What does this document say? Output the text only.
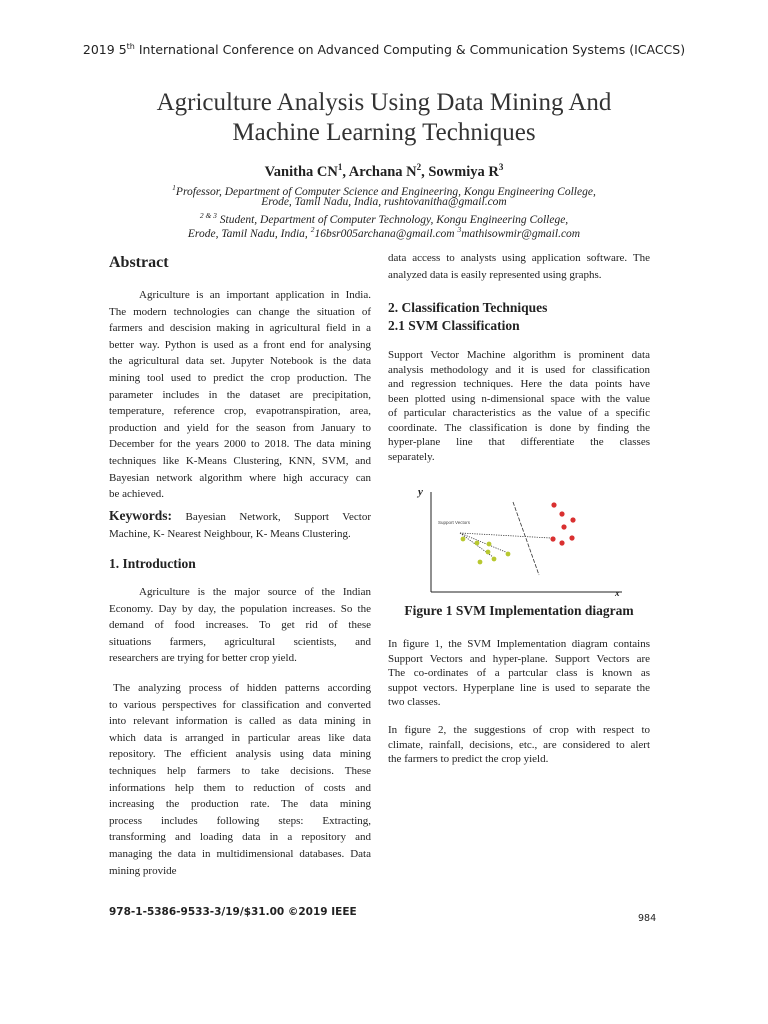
2019 5th International Conference on Advanced Computing & Communication Systems (ICACCS)
Agriculture Analysis Using Data Mining And
Machine Learning Techniques
Vanitha $CN^1$, Archana $N^2$, Sowmiya $R^3$
$^1$Professor, Department of Computer Science and Engineering, Kongu Engineering College,
Erode, Tamil Nadu, India, rushtovanitha@gmail.com
$^{2 \& 3}$ Student, Department of Computer Technology, Kongu Engineering College,
Erode, Tamil Nadu, India, $^2$16bsr005archana@gmail.com $^3$mathisowmir@gmail.com
Abstract
Agriculture is an important application in India.
The modern technologies can change the situation of
farmers and descision making in agricultural field in a
better way. Python is used as a front end for analysing
the agricultural data set. Jupyter Notebook is the data
mining tool used to predict the crop production. The
parameter includes in the dataset are precipitation,
temperature, reference crop, evapotranspiration, area,
production and yield for the season from January to
December for the years 2000 to 2018. The data mining
techniques like K-Means Clustering, KNN, SVM, and
Bayesian network algorithm where high accuracy can
be achieved.
Keywords: Bayesian Network, Support Vector
Machine, K- Nearest Neighbour, K- Means Clustering.
1. Introduction
Agriculture is the major source of the Indian
Economy. Day by day, the population increases. So the
demand of food increases. To get rid of these
situations farmers, agricultural scientists, and
researchers are trying for better crop yield.
The analyzing process of hidden patterns according
to various perspectives for classification and converted
into relevant information is called as data mining in
which data is arranged in particular areas like data
repository. The efficient analysis using data mining
techniques help farmers to take decisions. These
informations help them to reduction of costs and
increasing the production rate. The data mining
process includes following steps: Extracting,
transforming and loading data in a repository and
managing the data in multidimensional databases. Data
mining provide
data access to analysts using application software. The
analyzed data is easily represented using graphs.
2. Classification Techniques
2.1 SVM Classification
Support Vector Machine algorithm is prominent data
analysis methodology and it is used for classification
and regression techniques. Here the data points have
been plotted using n-dimensional space with the value
of particular characteristics as the value of a specific
coordinate. The classification is done by finding the
hyper-plane line that differentiate the classes
separately.
y
x
Support Vectors
Figure 1 SVM Implementation diagram
In figure 1, the SVM Implementation diagram contains
Support Vectors and hyper-plane. Support Vectors are
The co-ordinates of a partcular class is known as
suppot vectors. Hyperplane line is used to separate the
two classes.
In figure 2, the suggestions of crop with respect to
climate, rainfall, decisions, etc., are considered to alert
the farmers to predict the crop yield.
978-1-5386-9533-3/19/$31.00 ©2019 IEEE
984
